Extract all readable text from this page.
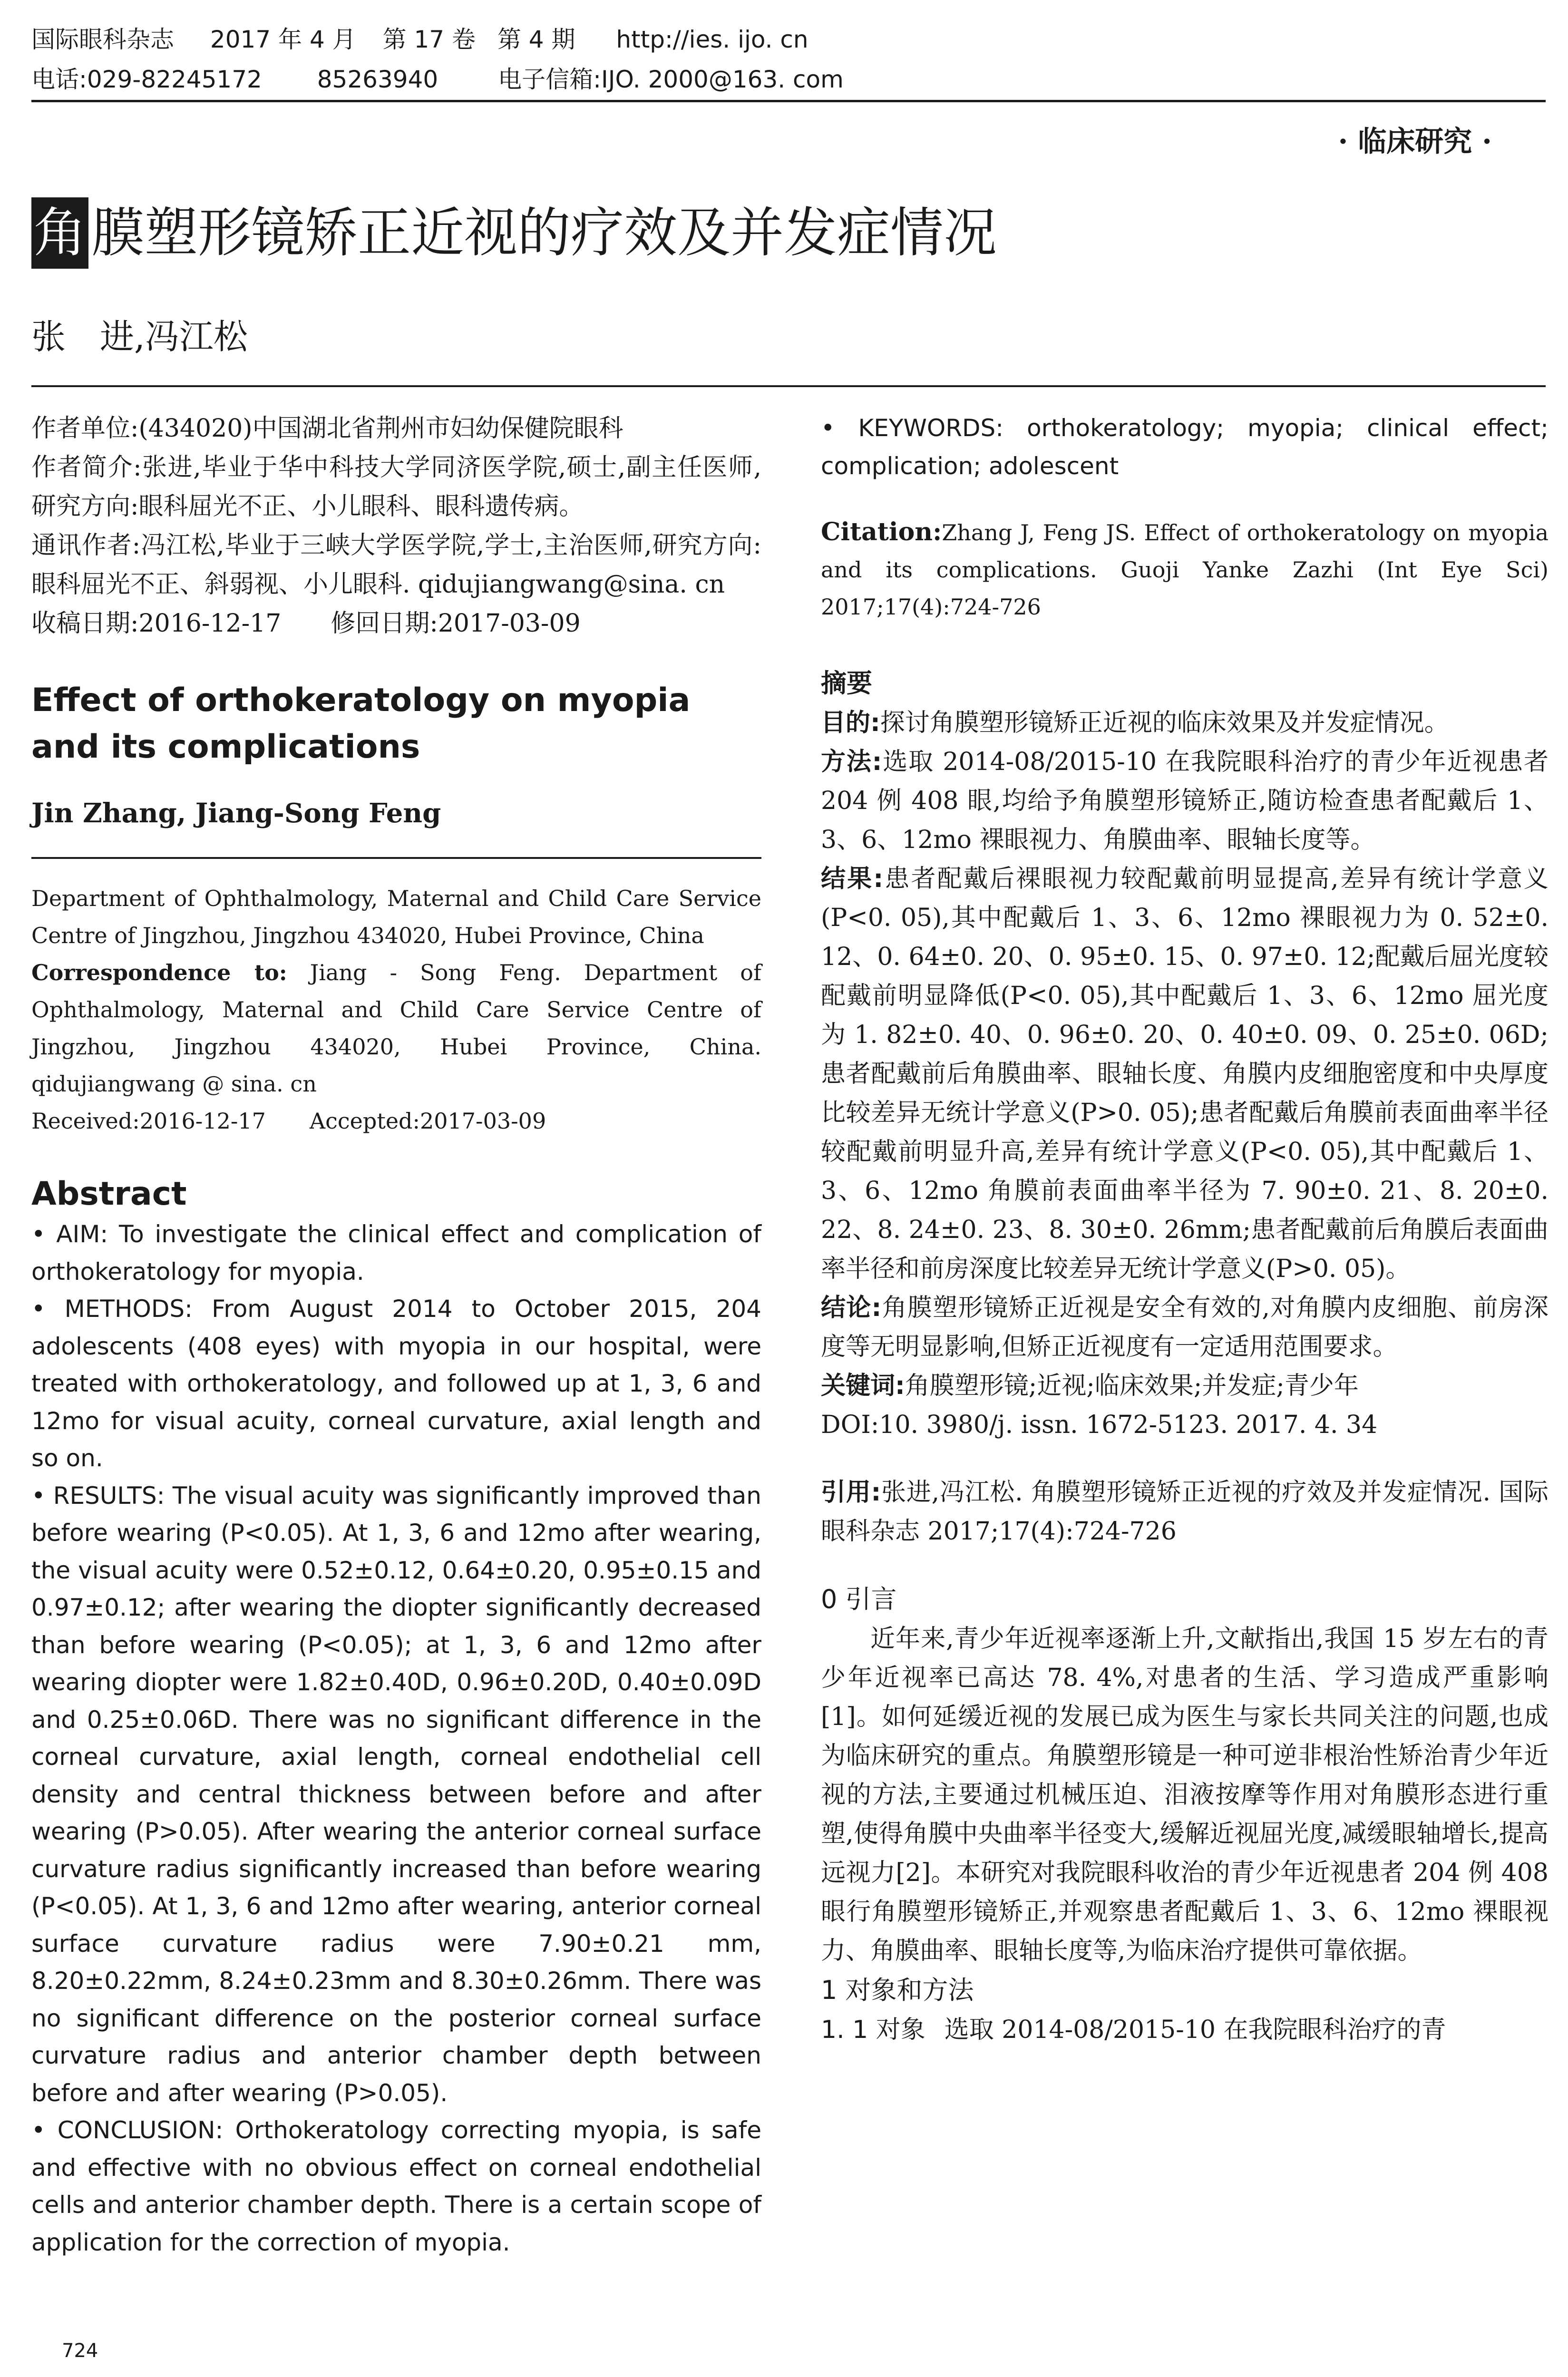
国际眼科杂志 2017 年 4 月 第 17 卷 第 4 期 http://ies. ijo. cn
电话:029-82245172 85263940	电子信箱:IJO. 2000@163. com
· 临床研究 ·
角膜塑形镜矫正近视的疗效及并发症情况
张　进,冯江松

作者单位:(434020)中国湖北省荆州市妇幼保健院眼科

作者简介:张进,毕业于华中科技大学同济医学院,硕士,副主任医师,研究方向:眼科屈光不正、小儿眼科、眼科遗传病。

通讯作者:冯江松,毕业于三峡大学医学院,学士,主治医师,研究方向:眼科屈光不正、斜弱视、小儿眼科. qidujiangwang@sina. cn

收稿日期:2016-12-17　　修回日期:2017-03-09

Effect of orthokeratology on myopia and its complications
Jin Zhang, Jiang-Song Feng

Department of Ophthalmology, Maternal and Child Care Service Centre of Jingzhou, Jingzhou 434020, Hubei Province, China

Correspondence to: Jiang - Song Feng. Department of Ophthalmology, Maternal and Child Care Service Centre of Jingzhou, Jingzhou 434020, Hubei Province, China. qidujiangwang @ sina. cn

Received:2016-12-17　　Accepted:2017-03-09

Abstract

• AIM: To investigate the clinical effect and complication of orthokeratology for myopia.

• METHODS: From August 2014 to October 2015, 204 adolescents (408 eyes) with myopia in our hospital, were treated with orthokeratology, and followed up at 1, 3, 6 and 12mo for visual acuity, corneal curvature, axial length and so on.

• RESULTS: The visual acuity was significantly improved than before wearing (P<0.05). At 1, 3, 6 and 12mo after wearing, the visual acuity were 0.52±0.12, 0.64±0.20, 0.95±0.15 and 0.97±0.12; after wearing the diopter significantly decreased than before wearing (P<0.05); at 1, 3, 6 and 12mo after wearing diopter were 1.82±0.40D, 0.96±0.20D, 0.40±0.09D and 0.25±0.06D. There was no significant difference in the corneal curvature, axial length, corneal endothelial cell density and central thickness between before and after wearing (P>0.05). After wearing the anterior corneal surface curvature radius significantly increased than before wearing (P<0.05). At 1, 3, 6 and 12mo after wearing, anterior corneal surface curvature radius were 7.90±0.21 mm, 8.20±0.22mm, 8.24±0.23mm and 8.30±0.26mm. There was no significant difference on the posterior corneal surface curvature radius and anterior chamber depth between before and after wearing (P>0.05).

• CONCLUSION: Orthokeratology correcting myopia, is safe and effective with no obvious effect on corneal endothelial cells and anterior chamber depth. There is a certain scope of application for the correction of myopia.

724
• KEYWORDS: orthokeratology; myopia; clinical effect; complication; adolescent
Citation:Zhang J, Feng JS. Effect of orthokeratology on myopia and its complications. Guoji Yanke Zazhi (Int Eye Sci) 2017;17(4):724-726
摘要

目的:探讨角膜塑形镜矫正近视的临床效果及并发症情况。

方法:选取 2014-08/2015-10 在我院眼科治疗的青少年近视患者 204 例 408 眼,均给予角膜塑形镜矫正,随访检查患者配戴后 1、3、6、12mo 裸眼视力、角膜曲率、眼轴长度等。

结果:患者配戴后裸眼视力较配戴前明显提高,差异有统计学意义(P<0. 05),其中配戴后 1、3、6、12mo 裸眼视力为 0. 52±0. 12、0. 64±0. 20、0. 95±0. 15、0. 97±0. 12;配戴后屈光度较配戴前明显降低(P<0. 05),其中配戴后 1、3、6、12mo 屈光度为 1. 82±0. 40、0. 96±0. 20、0. 40±0. 09、0. 25±0. 06D;患者配戴前后角膜曲率、眼轴长度、角膜内皮细胞密度和中央厚度比较差异无统计学意义(P>0. 05);患者配戴后角膜前表面曲率半径较配戴前明显升高,差异有统计学意义(P<0. 05),其中配戴后 1、3、6、12mo 角膜前表面曲率半径为 7. 90±0. 21、8. 20±0. 22、8. 24±0. 23、8. 30±0. 26mm;患者配戴前后角膜后表面曲率半径和前房深度比较差异无统计学意义(P>0. 05)。

结论:角膜塑形镜矫正近视是安全有效的,对角膜内皮细胞、前房深度等无明显影响,但矫正近视度有一定适用范围要求。

关键词:角膜塑形镜;近视;临床效果;并发症;青少年

DOI:10. 3980/j. issn. 1672-5123. 2017. 4. 34

引用:张进,冯江松. 角膜塑形镜矫正近视的疗效及并发症情况. 国际眼科杂志 2017;17(4):724-726
0 引言
近年来,青少年近视率逐渐上升,文献指出,我国 15 岁左右的青少年近视率已高达 78. 4%,对患者的生活、学习造成严重影响[1]。如何延缓近视的发展已成为医生与家长共同关注的问题,也成为临床研究的重点。角膜塑形镜是一种可逆非根治性矫治青少年近视的方法,主要通过机械压迫、泪液按摩等作用对角膜形态进行重塑,使得角膜中央曲率半径变大,缓解近视屈光度,减缓眼轴增长,提高远视力[2]。本研究对我院眼科收治的青少年近视患者 204 例 408 眼行角膜塑形镜矫正,并观察患者配戴后 1、3、6、12mo 裸眼视力、角膜曲率、眼轴长度等,为临床治疗提供可靠依据。
1 对象和方法
1. 1 对象 选取 2014-08/2015-10 在我院眼科治疗的青
